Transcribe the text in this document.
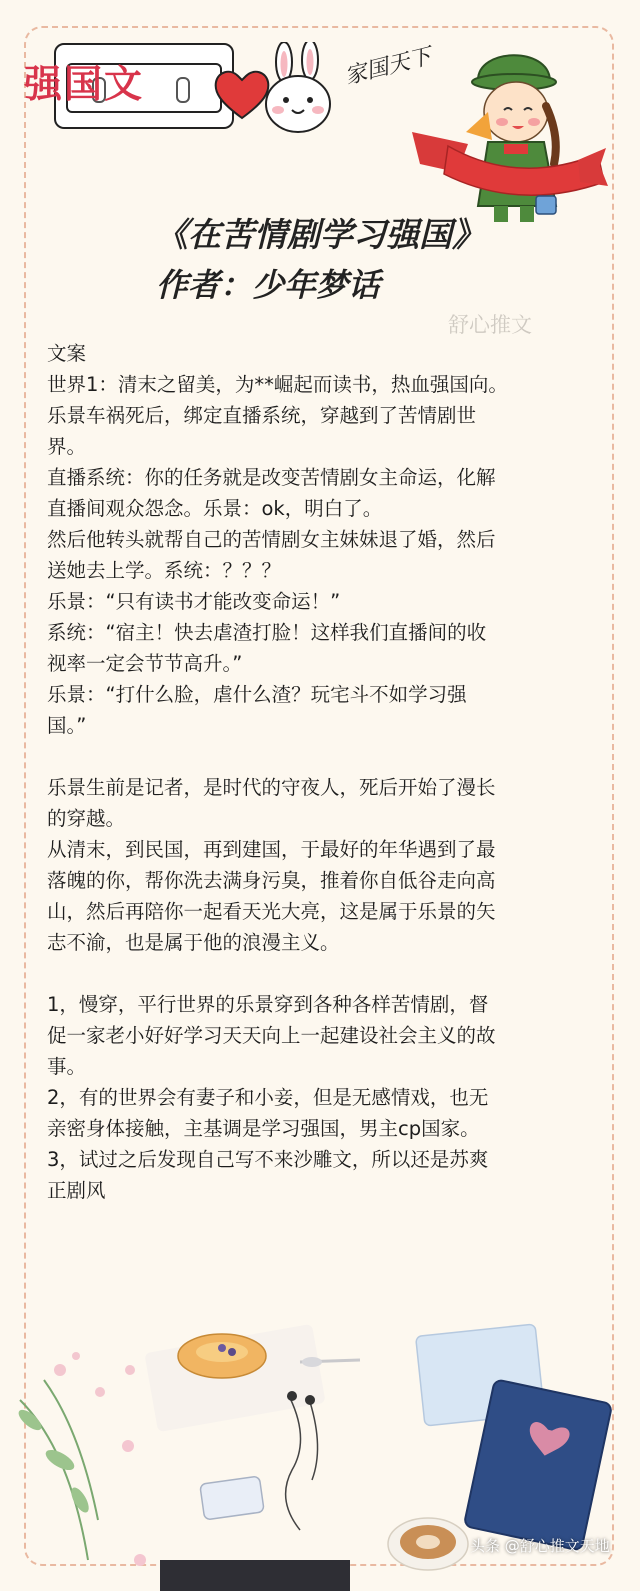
强国文	家国天下
《在苦情剧学习强国》
作者：少年梦话
舒心推文

文案

世界1：清末之留美，为**崛起而读书，热血强国向。

乐景车祸死后，绑定直播系统，穿越到了苦情剧世

界。

直播系统：你的任务就是改变苦情剧女主命运，化解

直播间观众怨念。乐景：ok，明白了。

然后他转头就帮自己的苦情剧女主妹妹退了婚，然后

送她去上学。系统：？？？

乐景：“只有读书才能改变命运！”

系统：“宿主！快去虐渣打脸！这样我们直播间的收

视率一定会节节高升。”

乐景：“打什么脸，虐什么渣？玩宅斗不如学习强

国。”

乐景生前是记者，是时代的守夜人，死后开始了漫长

的穿越。

从清末，到民国，再到建国，于最好的年华遇到了最

落魄的你，帮你洗去满身污臭，推着你自低谷走向高

山，然后再陪你一起看天光大亮，这是属于乐景的矢

志不渝，也是属于他的浪漫主义。

1，慢穿，平行世界的乐景穿到各种各样苦情剧，督

促一家老小好好学习天天向上一起建设社会主义的故

事。

2，有的世界会有妻子和小妾，但是无感情戏，也无

亲密身体接触，主基调是学习强国，男主cp国家。

3，试过之后发现自己写不来沙雕文，所以还是苏爽

正剧风

头条 @舒心推文天地
